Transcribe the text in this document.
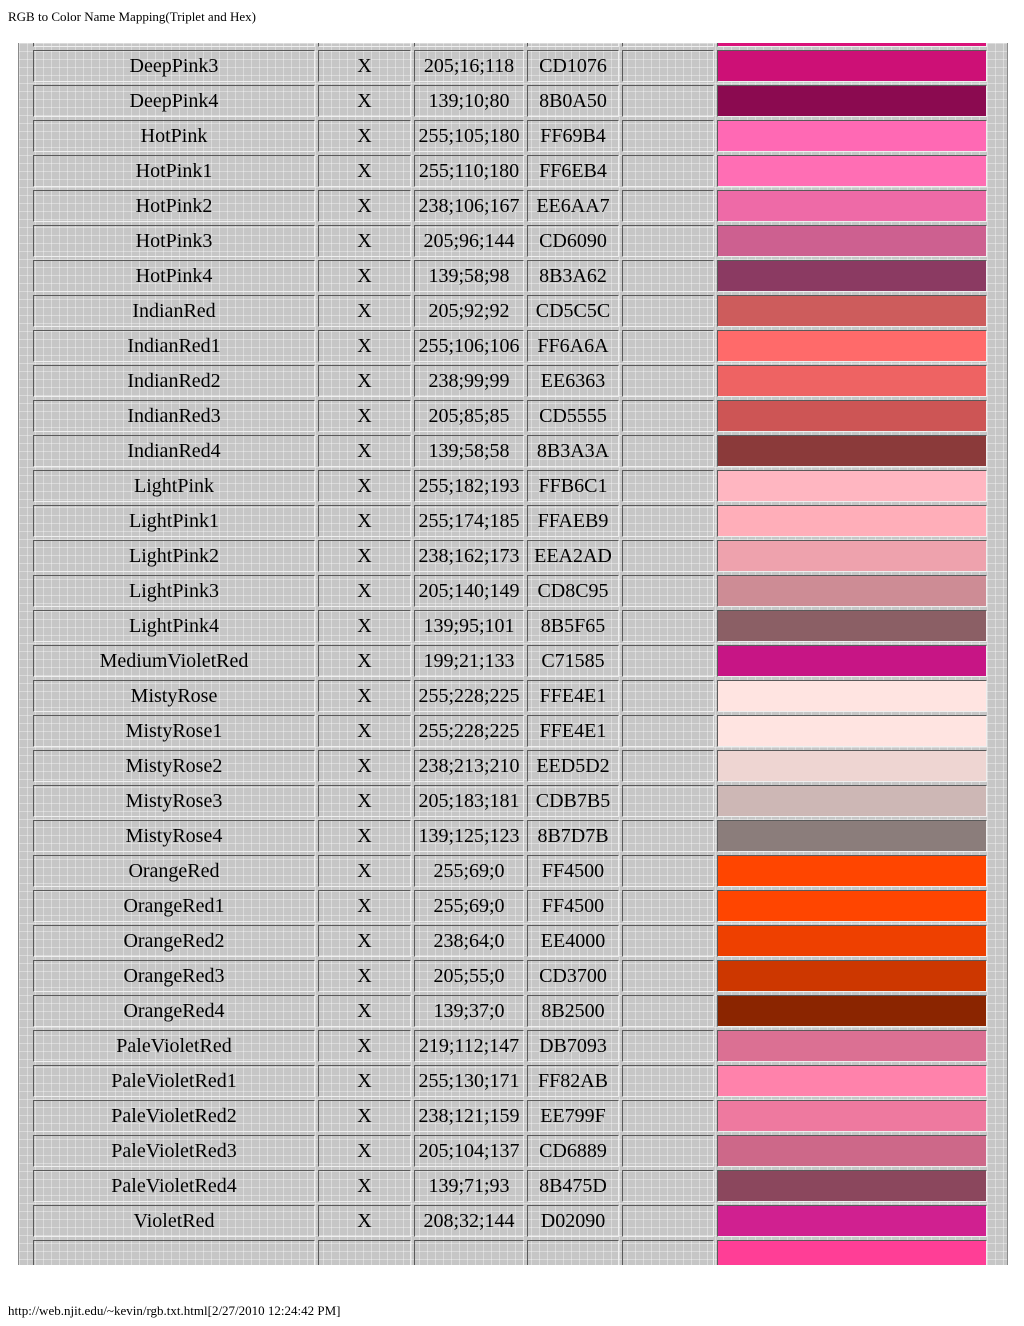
RGB to Color Name Mapping(Triplet and Hex)

DeepPink3	X	205;16;118	CD1076		
DeepPink4	X	139;10;80	8B0A50		
HotPink	X	255;105;180	FF69B4		
HotPink1	X	255;110;180	FF6EB4		
HotPink2	X	238;106;167	EE6AA7		
HotPink3	X	205;96;144	CD6090		
HotPink4	X	139;58;98	8B3A62		
IndianRed	X	205;92;92	CD5C5C		
IndianRed1	X	255;106;106	FF6A6A		
IndianRed2	X	238;99;99	EE6363		
IndianRed3	X	205;85;85	CD5555		
IndianRed4	X	139;58;58	8B3A3A		
LightPink	X	255;182;193	FFB6C1		
LightPink1	X	255;174;185	FFAEB9		
LightPink2	X	238;162;173	EEA2AD		
LightPink3	X	205;140;149	CD8C95		
LightPink4	X	139;95;101	8B5F65		
MediumVioletRed	X	199;21;133	C71585		
MistyRose	X	255;228;225	FFE4E1		
MistyRose1	X	255;228;225	FFE4E1		
MistyRose2	X	238;213;210	EED5D2		
MistyRose3	X	205;183;181	CDB7B5		
MistyRose4	X	139;125;123	8B7D7B		
OrangeRed	X	255;69;0	FF4500		
OrangeRed1	X	255;69;0	FF4500		
OrangeRed2	X	238;64;0	EE4000		
OrangeRed3	X	205;55;0	CD3700		
OrangeRed4	X	139;37;0	8B2500		
PaleVioletRed	X	219;112;147	DB7093		
PaleVioletRed1	X	255;130;171	FF82AB		
PaleVioletRed2	X	238;121;159	EE799F		
PaleVioletRed3	X	205;104;137	CD6889		
PaleVioletRed4	X	139;71;93	8B475D		
VioletRed	X	208;32;144	D02090		

http://web.njit.edu/~kevin/rgb.txt.html[2/27/2010 12:24:42 PM]
